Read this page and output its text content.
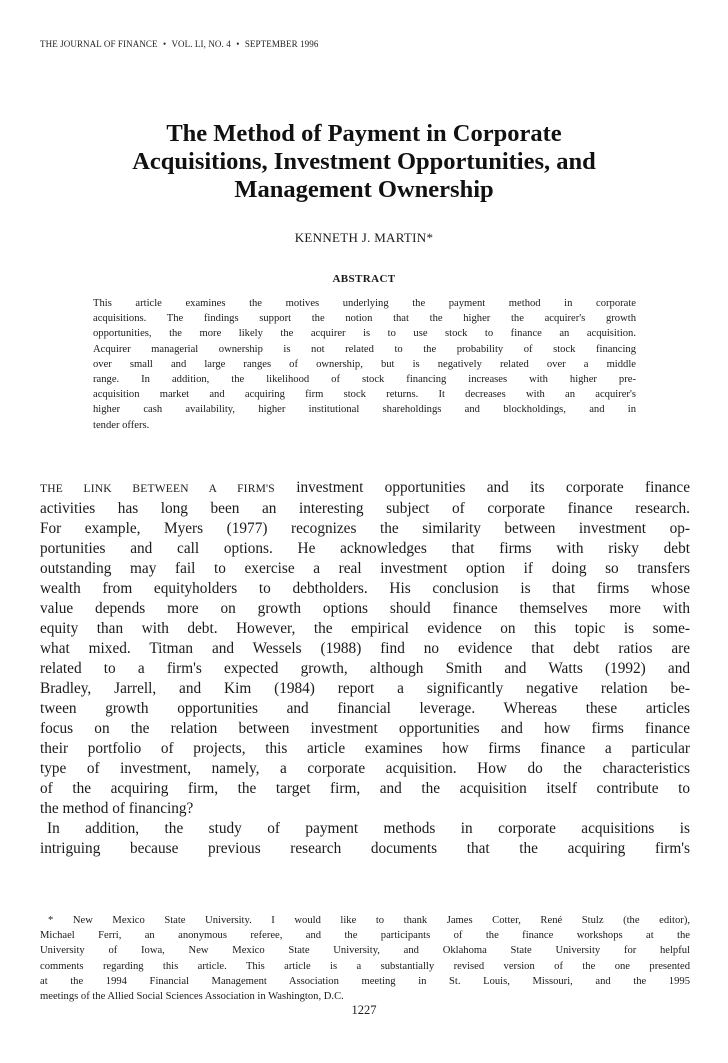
THE JOURNAL OF FINANCE • VOL. LI, NO. 4 • SEPTEMBER 1996
The Method of Payment in Corporate
Acquisitions, Investment Opportunities, and
Management Ownership
KENNETH J. MARTIN*
ABSTRACT
This article examines the motives underlying the payment method in corporate
acquisitions. The findings support the notion that the higher the acquirer's growth
opportunities, the more likely the acquirer is to use stock to finance an acquisition.
Acquirer managerial ownership is not related to the probability of stock financing
over small and large ranges of ownership, but is negatively related over a middle
range. In addition, the likelihood of stock financing increases with higher pre-
acquisition market and acquiring firm stock returns. It decreases with an acquirer's
higher cash availability, higher institutional shareholdings and blockholdings, and in
tender offers.
THE LINK BETWEEN A FIRM'S investment opportunities and its corporate finance
activities has long been an interesting subject of corporate finance research.
For example, Myers (1977) recognizes the similarity between investment op-
portunities and call options. He acknowledges that firms with risky debt
outstanding may fail to exercise a real investment option if doing so transfers
wealth from equityholders to debtholders. His conclusion is that firms whose
value depends more on growth options should finance themselves more with
equity than with debt. However, the empirical evidence on this topic is some-
what mixed. Titman and Wessels (1988) find no evidence that debt ratios are
related to a firm's expected growth, although Smith and Watts (1992) and
Bradley, Jarrell, and Kim (1984) report a significantly negative relation be-
tween growth opportunities and financial leverage. Whereas these articles
focus on the relation between investment opportunities and how firms finance
their portfolio of projects, this article examines how firms finance a particular
type of investment, namely, a corporate acquisition. How do the characteristics
of the acquiring firm, the target firm, and the acquisition itself contribute to
the method of financing?
In addition, the study of payment methods in corporate acquisitions is
intriguing because previous research documents that the acquiring firm's
* New Mexico State University. I would like to thank James Cotter, René Stulz (the editor),
Michael Ferri, an anonymous referee, and the participants of the finance workshops at the
University of Iowa, New Mexico State University, and Oklahoma State University for helpful
comments regarding this article. This article is a substantially revised version of the one presented
at the 1994 Financial Management Association meeting in St. Louis, Missouri, and the 1995
meetings of the Allied Social Sciences Association in Washington, D.C.
1227
